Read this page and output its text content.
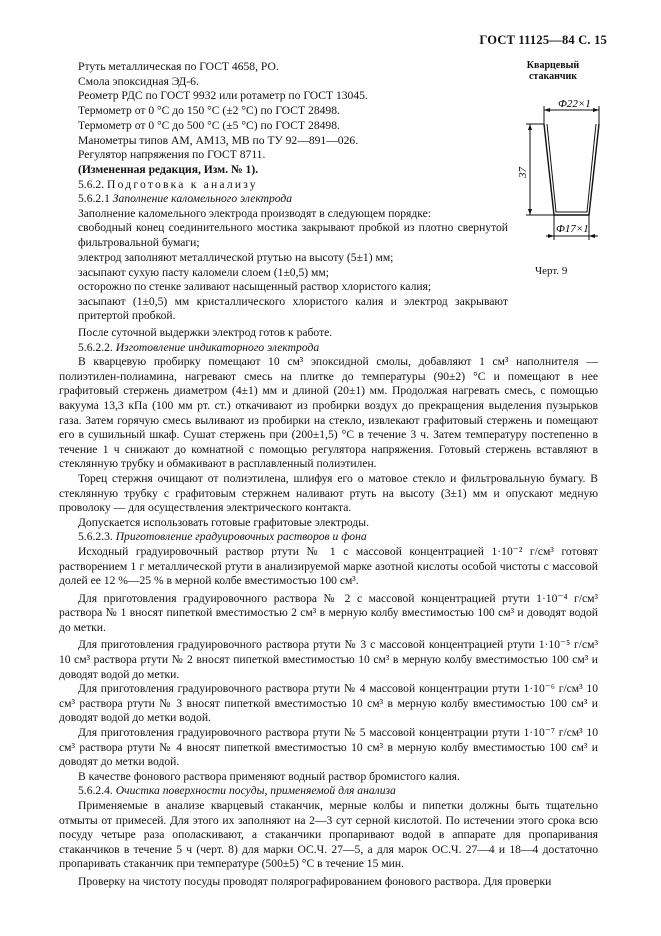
ГОСТ 11125—84 С. 15
Кварцевый
стаканчик
Ф22×1
37
Ф17×1
Черт. 9

Ртуть металлическая по ГОСТ 4658, РО.

Смола эпоксидная ЭД-6.

Реометр РДС по ГОСТ 9932 или ротаметр по ГОСТ 13045.

Термометр от 0 °С до 150 °С (±2 °С) по ГОСТ 28498.

Термометр от 0 °С до 500 °С (±5 °С) по ГОСТ 28498.

Манометры типов АМ, АМ13, МВ по ТУ 92—891—026.

Регулятор напряжения по ГОСТ 8711.

(Измененная редакция, Изм. № 1).

5.6.2. Подготовка к анализу

5.6.2.1 Заполнение каломельного электрода

Заполнение каломельного электрода производят в следующем порядке:

свободный конец соединительного мостика закрывают пробкой из плотно свернутой фильтровальной бумаги;

электрод заполняют металлической ртутью на высоту (5±1) мм;

засыпают сухую пасту каломели слоем (1±0,5) мм;

осторожно по стенке заливают насыщенный раствор хлористого калия;

засыпают (1±0,5) мм кристаллического хлористого калия и электрод закрывают притертой пробкой.

После суточной выдержки электрод готов к работе.

5.6.2.2. Изготовление индикаторного электрода

В кварцевую пробирку помещают 10 см³ эпоксидной смолы, добавляют 1 см³ наполнителя — полиэтилен-полиамина, нагревают смесь на плитке до температуры (90±2) °С и помещают в нее графитовый стержень диаметром (4±1) мм и длиной (20±1) мм. Продолжая нагревать смесь, с помощью вакуума 13,3 кПа (100 мм рт. ст.) откачивают из пробирки воздух до прекращения выделения пузырьков газа. Затем горячую смесь выливают из пробирки на стекло, извлекают графитовый стержень и помещают его в сушильный шкаф. Сушат стержень при (200±1,5) °С в течение 3 ч. Затем температуру постепенно в течение 1 ч снижают до комнатной с помощью регулятора напряжения. Готовый стержень вставляют в стеклянную трубку и обмакивают в расплавленный полиэтилен.

Торец стержня очищают от полиэтилена, шлифуя его о матовое стекло и фильтровальную бумагу. В стеклянную трубку с графитовым стержнем наливают ртуть на высоту (3±1) мм и опускают медную проволоку — для осуществления электрического контакта.

Допускается использовать готовые графитовые электроды.

5.6.2.3. Приготовление градуировочных растворов и фона

Исходный градуировочный раствор ртути № 1 с массовой концентрацией 1·10⁻² г/см³ готовят растворением 1 г металлической ртути в анализируемой марке азотной кислоты особой чистоты с массовой долей ее 12 %—25 % в мерной колбе вместимостью 100 см³.

Для приготовления градуировочного раствора № 2 с массовой концентрацией ртути 1·10⁻⁴ г/см³ раствора № 1 вносят пипеткой вместимостью 2 см³ в мерную колбу вместимостью 100 см³ и доводят водой до метки.

Для приготовления градуировочного раствора ртути № 3 с массовой концентрацией ртути 1·10⁻⁵ г/см³ 10 см³ раствора ртути № 2 вносят пипеткой вместимостью 10 см³ в мерную колбу вместимостью 100 см³ и доводят водой до метки.

Для приготовления градуировочного раствора ртути № 4 массовой концентрации ртути 1·10⁻⁶ г/см³ 10 см³ раствора ртути № 3 вносят пипеткой вместимостью 10 см³ в мерную колбу вместимостью 100 см³ и доводят водой до метки водой.

Для приготовления градуировочного раствора ртути № 5 массовой концентрации ртути 1·10⁻⁷ г/см³ 10 см³ раствора ртути № 4 вносят пипеткой вместимостью 10 см³ в мерную колбу вместимостью 100 см³ и доводят до метки водой.

В качестве фонового раствора применяют водный раствор бромистого калия.

5.6.2.4. Очистка поверхности посуды, применяемой для анализа

Применяемые в анализе кварцевый стаканчик, мерные колбы и пипетки должны быть тщательно отмыты от примесей. Для этого их заполняют на 2—3 сут серной кислотой. По истечении этого срока всю посуду четыре раза ополаскивают, а стаканчики пропаривают водой в аппарате для пропаривания стаканчиков в течение 5 ч (черт. 8) для марки ОС.Ч. 27—5, а для марок ОС.Ч. 27—4 и 18—4 достаточно пропаривать стаканчик при температуре (500±5) °С в течение 15 мин.

Проверку на чистоту посуды проводят полярографированием фонового раствора. Для проверки
